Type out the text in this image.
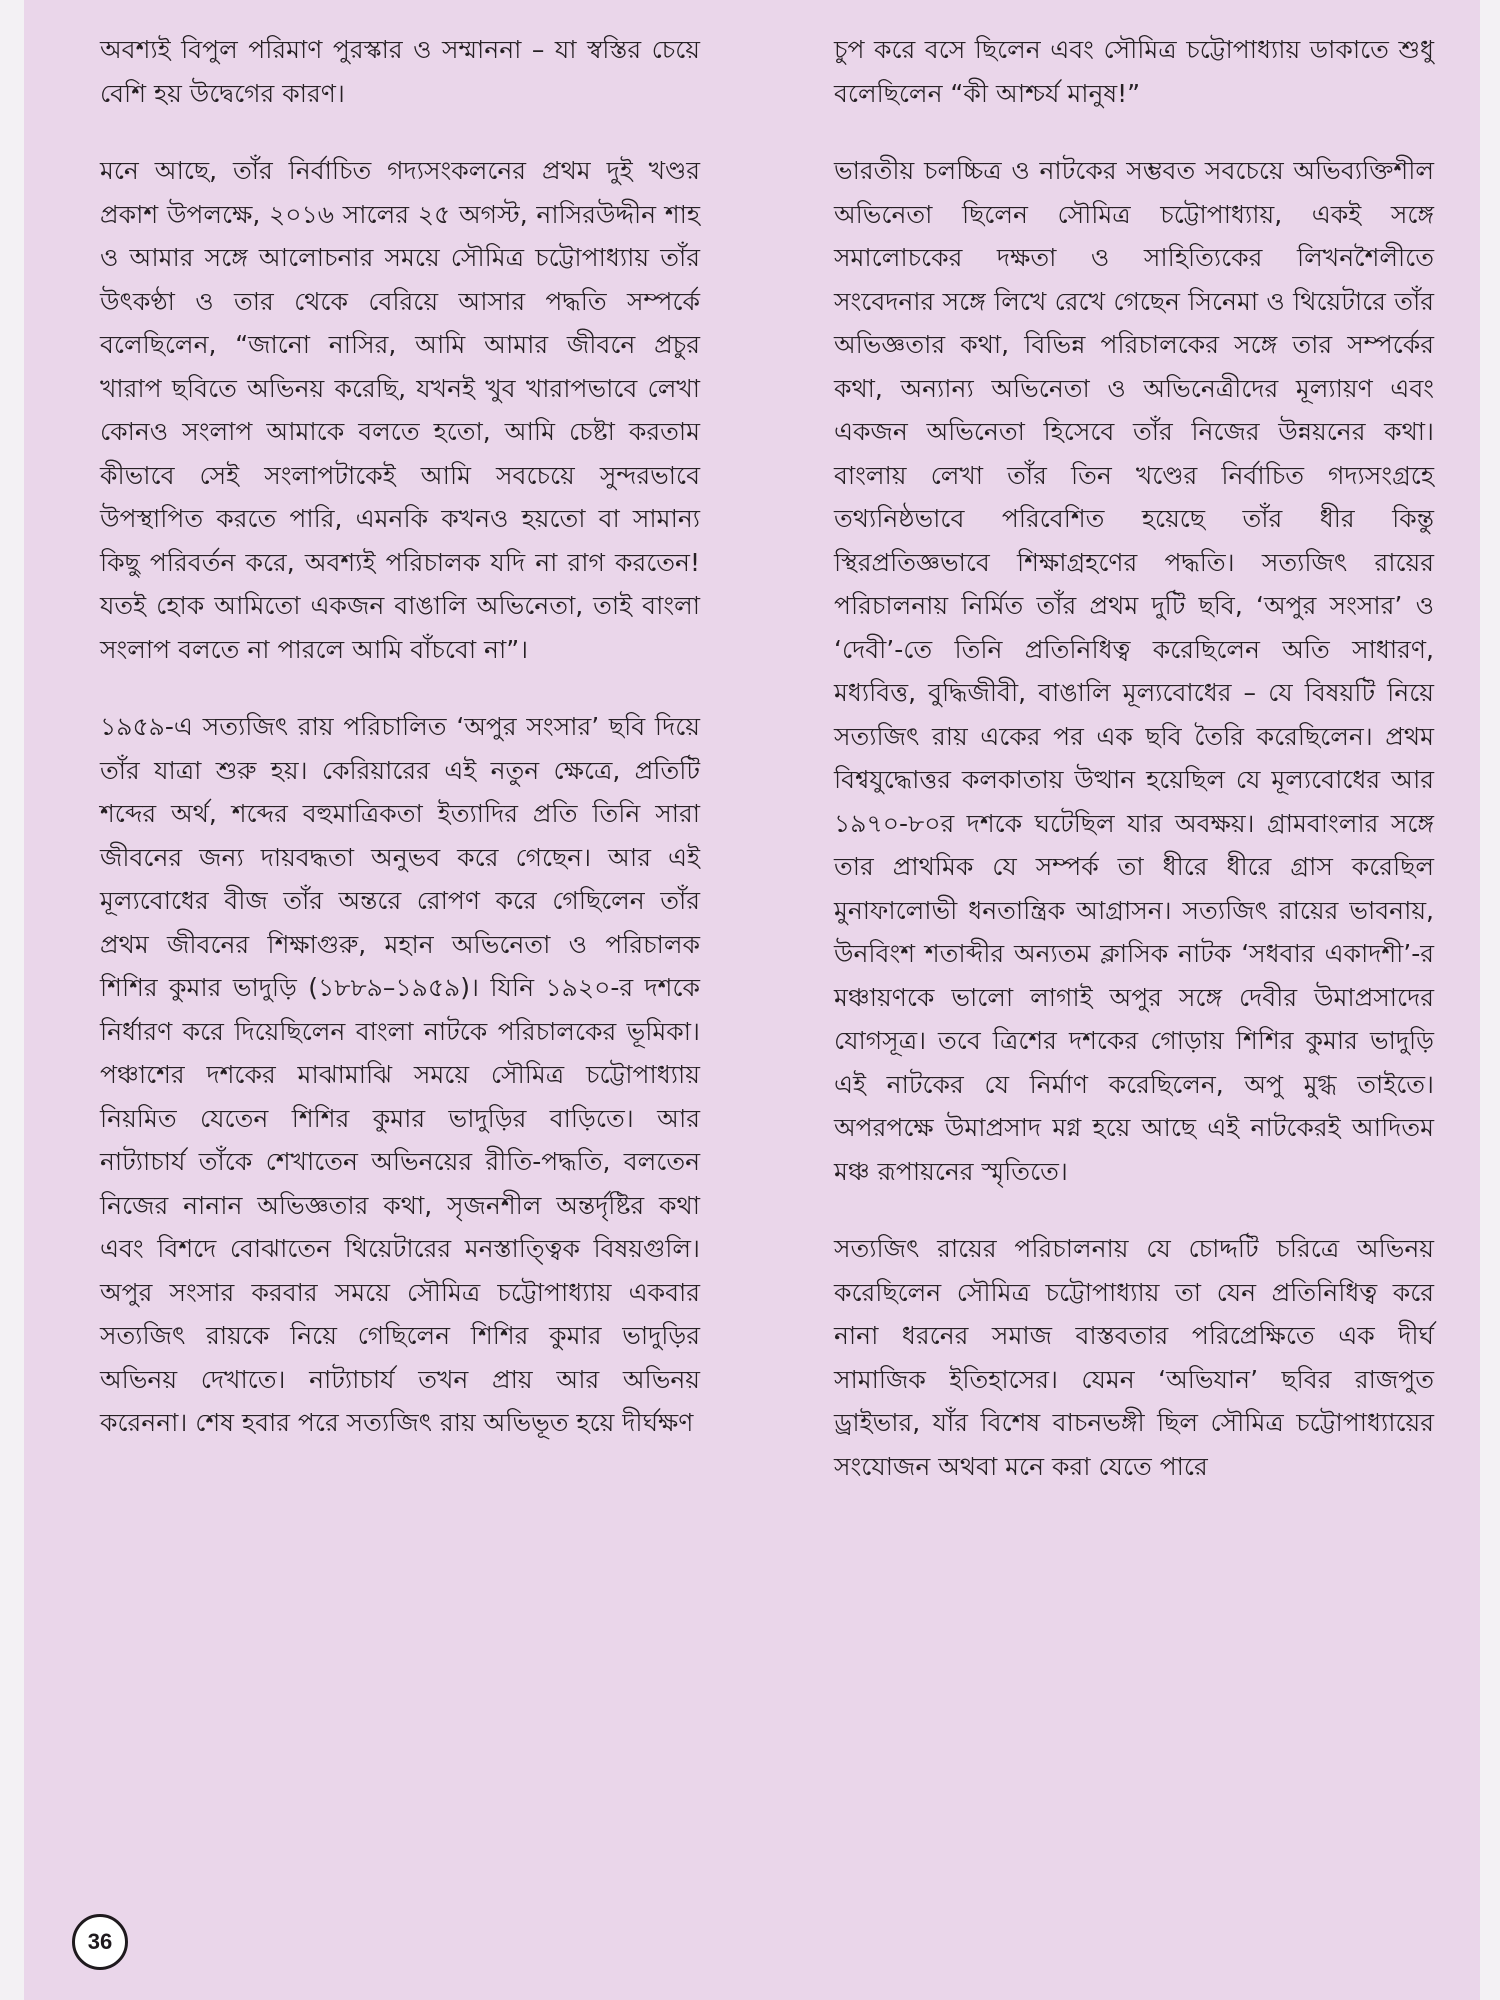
অবশ্যই বিপুল পরিমাণ পুরস্কার ও সম্মাননা – যা স্বস্তির চেয়ে বেশি হয় উদ্বেগের কারণ।

মনে আছে, তাঁর নির্বাচিত গদ্যসংকলনের প্রথম দুই খণ্ডর প্রকাশ উপলক্ষে, ২০১৬ সালের ২৫ অগস্ট, নাসিরউদ্দীন শাহ ও আমার সঙ্গে আলোচনার সময়ে সৌমিত্র চট্টোপাধ্যায় তাঁর উৎকণ্ঠা ও তার থেকে বেরিয়ে আসার পদ্ধতি সম্পর্কে বলেছিলেন, “জানো নাসির, আমি আমার জীবনে প্রচুর খারাপ ছবিতে অভিনয় করেছি, যখনই খুব খারাপভাবে লেখা কোনও সংলাপ আমাকে বলতে হতো, আমি চেষ্টা করতাম কীভাবে সেই সংলাপটাকেই আমি সবচেয়ে সুন্দরভাবে উপস্থাপিত করতে পারি, এমনকি কখনও হয়তো বা সামান্য কিছু পরিবর্তন করে, অবশ্যই পরিচালক যদি না রাগ করতেন! যতই হোক আমিতো একজন বাঙালি অভিনেতা, তাই বাংলা সংলাপ বলতে না পারলে আমি বাঁচবো না”।

১৯৫৯-এ সত্যজিৎ রায় পরিচালিত ‘অপুর সংসার’ ছবি দিয়ে তাঁর যাত্রা শুরু হয়। কেরিয়ারের এই নতুন ক্ষেত্রে, প্রতিটি শব্দের অর্থ, শব্দের বহুমাত্রিকতা ইত্যাদির প্রতি তিনি সারা জীবনের জন্য দায়বদ্ধতা অনুভব করে গেছেন। আর এই মূল্যবোধের বীজ তাঁর অন্তরে রোপণ করে গেছিলেন তাঁর প্রথম জীবনের শিক্ষাগুরু, মহান অভিনেতা ও পরিচালক শিশির কুমার ভাদুড়ি (১৮৮৯–১৯৫৯)। যিনি ১৯২০-র দশকে নির্ধারণ করে দিয়েছিলেন বাংলা নাটকে পরিচালকের ভূমিকা। পঞ্চাশের দশকের মাঝামাঝি সময়ে সৌমিত্র চট্টোপাধ্যায় নিয়মিত যেতেন শিশির কুমার ভাদুড়ির বাড়িতে। আর নাট্যাচার্য তাঁকে শেখাতেন অভিনয়ের রীতি-পদ্ধতি, বলতেন নিজের নানান অভিজ্ঞতার কথা, সৃজনশীল অন্তর্দৃষ্টির কথা এবং বিশদে বোঝাতেন থিয়েটারের মনস্তাত্ত্বিক বিষয়গুলি। অপুর সংসার করবার সময়ে সৌমিত্র চট্টোপাধ্যায় একবার সত্যজিৎ রায়কে নিয়ে গেছিলেন শিশির কুমার ভাদুড়ির অভিনয় দেখাতে। নাট্যাচার্য তখন প্রায় আর অভিনয় করেননা। শেষ হবার পরে সত্যজিৎ রায় অভিভূত হয়ে দীর্ঘক্ষণ

চুপ করে বসে ছিলেন এবং সৌমিত্র চট্টোপাধ্যায় ডাকাতে শুধু বলেছিলেন “কী আশ্চর্য মানুষ!”

ভারতীয় চলচ্চিত্র ও নাটকের সম্ভবত সবচেয়ে অভিব্যক্তিশীল অভিনেতা ছিলেন সৌমিত্র চট্টোপাধ্যায়, একই সঙ্গে সমালোচকের দক্ষতা ও সাহিত্যিকের লিখনশৈলীতে সংবেদনার সঙ্গে লিখে রেখে গেছেন সিনেমা ও থিয়েটারে তাঁর অভিজ্ঞতার কথা, বিভিন্ন পরিচালকের সঙ্গে তার সম্পর্কের কথা, অন্যান্য অভিনেতা ও অভিনেত্রীদের মূল্যায়ণ এবং একজন অভিনেতা হিসেবে তাঁর নিজের উন্নয়নের কথা। বাংলায় লেখা তাঁর তিন খণ্ডের নির্বাচিত গদ্যসংগ্রহে তথ্যনিষ্ঠভাবে পরিবেশিত হয়েছে তাঁর ধীর কিন্তু স্থিরপ্রতিজ্ঞভাবে শিক্ষাগ্রহণের পদ্ধতি। সত্যজিৎ রায়ের পরিচালনায় নির্মিত তাঁর প্রথম দুটি ছবি, ‘অপুর সংসার’ ও ‘দেবী’-তে তিনি প্রতিনিধিত্ব করেছিলেন অতি সাধারণ, মধ্যবিত্ত, বুদ্ধিজীবী, বাঙালি মূল্যবোধের – যে বিষয়টি নিয়ে সত্যজিৎ রায় একের পর এক ছবি তৈরি করেছিলেন। প্রথম বিশ্বযুদ্ধোত্তর কলকাতায় উত্থান হয়েছিল যে মূল্যবোধের আর ১৯৭০-৮০র দশকে ঘটেছিল যার অবক্ষয়। গ্রামবাংলার সঙ্গে তার প্রাথমিক যে সম্পর্ক তা ধীরে ধীরে গ্রাস করেছিল মুনাফালোভী ধনতান্ত্রিক আগ্রাসন। সত্যজিৎ রায়ের ভাবনায়, উনবিংশ শতাব্দীর অন্যতম ক্লাসিক নাটক ‘সধবার একাদশী’-র মঞ্চায়ণকে ভালো লাগাই অপুর সঙ্গে দেবীর উমাপ্রসাদের যোগসূত্র। তবে ত্রিশের দশকের গোড়ায় শিশির কুমার ভাদুড়ি এই নাটকের যে নির্মাণ করেছিলেন, অপু মুগ্ধ তাইতে। অপরপক্ষে উমাপ্রসাদ মগ্ন হয়ে আছে এই নাটকেরই আদিতম মঞ্চ রূপায়নের স্মৃতিতে।

সত্যজিৎ রায়ের পরিচালনায় যে চোদ্দটি চরিত্রে অভিনয় করেছিলেন সৌমিত্র চট্টোপাধ্যায় তা যেন প্রতিনিধিত্ব করে নানা ধরনের সমাজ বাস্তবতার পরিপ্রেক্ষিতে এক দীর্ঘ সামাজিক ইতিহাসের। যেমন ‘অভিযান’ ছবির রাজপুত ড্রাইভার, যাঁর বিশেষ বাচনভঙ্গী ছিল সৌমিত্র চট্টোপাধ্যায়ের সংযোজন অথবা মনে করা যেতে পারে

36
